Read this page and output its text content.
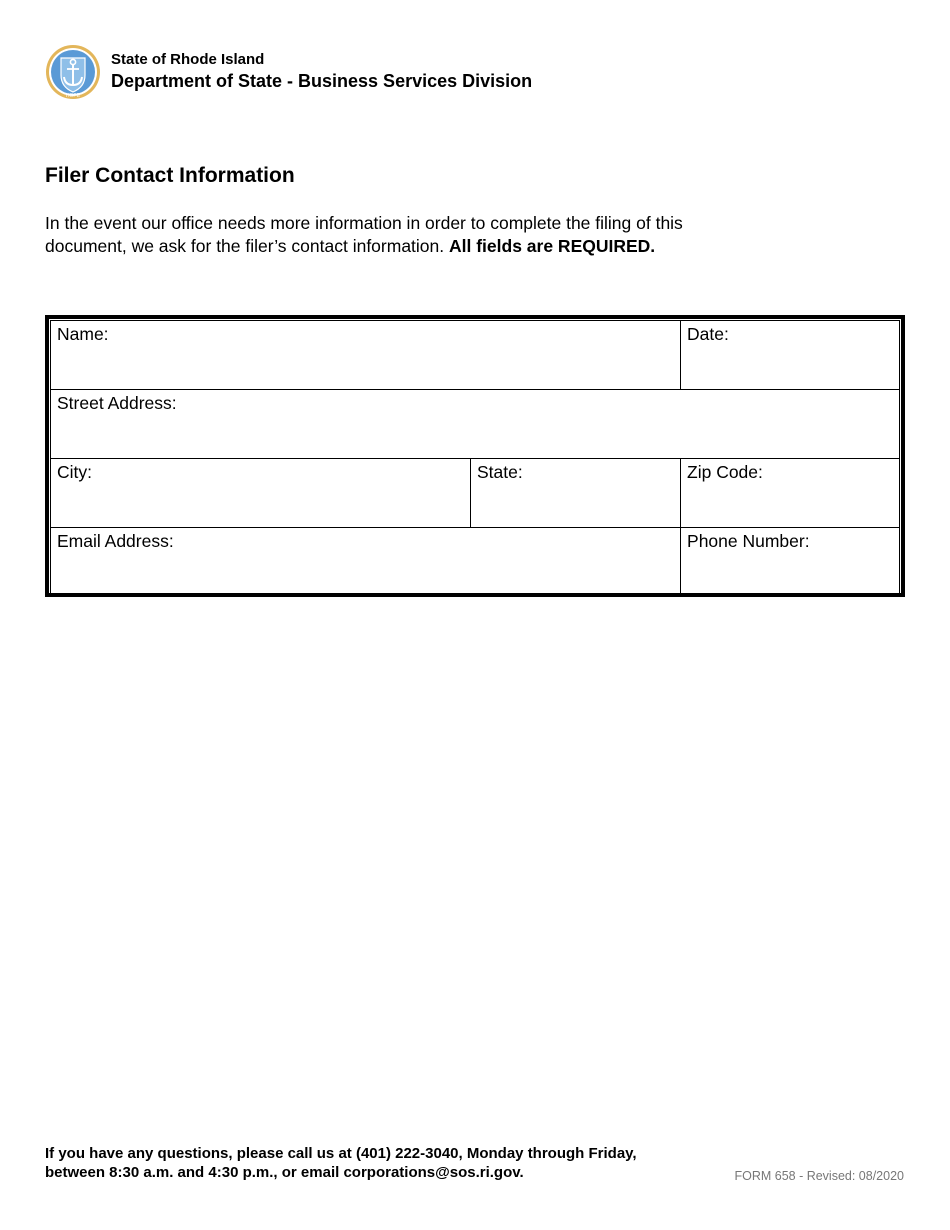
HOPE
State of Rhode Island
Department of State - Business Services Division
Filer Contact Information

In the event our office needs more information in order to complete the filing of this document, we ask for the filer’s contact information. All fields are REQUIRED.

Name:		Date:
Street Address:		
City:	State:	Zip Code:
Email Address:		Phone Number:

If you have any questions, please call us at (401) 222-3040, Monday through Friday,
between 8:30 a.m. and 4:30 p.m., or email corporations@sos.ri.gov.	FORM 658 - Revised: 08/2020
